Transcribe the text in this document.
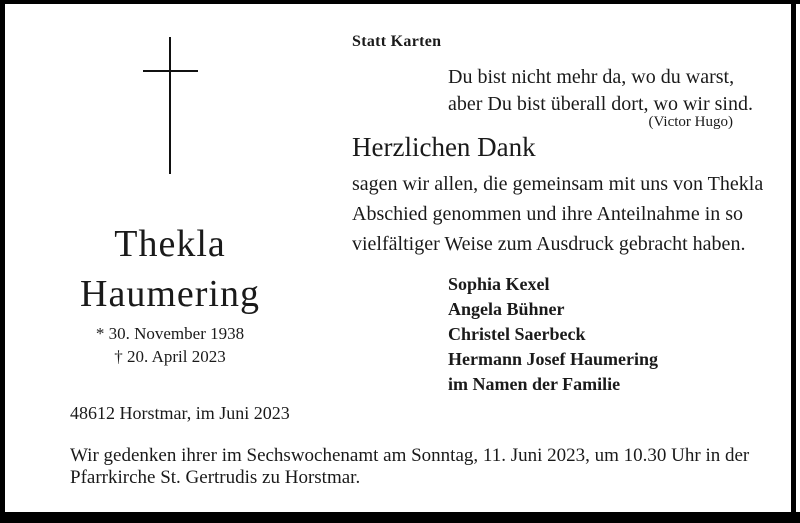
Thekla
Haumering
* 30. November 1938
† 20. April 2023
Statt Karten
Du bist nicht mehr da, wo du warst,
aber Du bist überall dort, wo wir sind.
(Victor Hugo)
Herzlichen Dank
sagen wir allen, die gemeinsam mit uns von Thekla
Abschied genommen und ihre Anteilnahme in so
vielfältiger Weise zum Ausdruck gebracht haben.
Sophia Kexel
Angela Bühner
Christel Saerbeck
Hermann Josef Haumering
im Namen der Familie
48612 Horstmar, im Juni 2023
Wir gedenken ihrer im Sechswochenamt am Sonntag, 11. Juni 2023, um 10.30 Uhr in der
Pfarrkirche St. Gertrudis zu Horstmar.
